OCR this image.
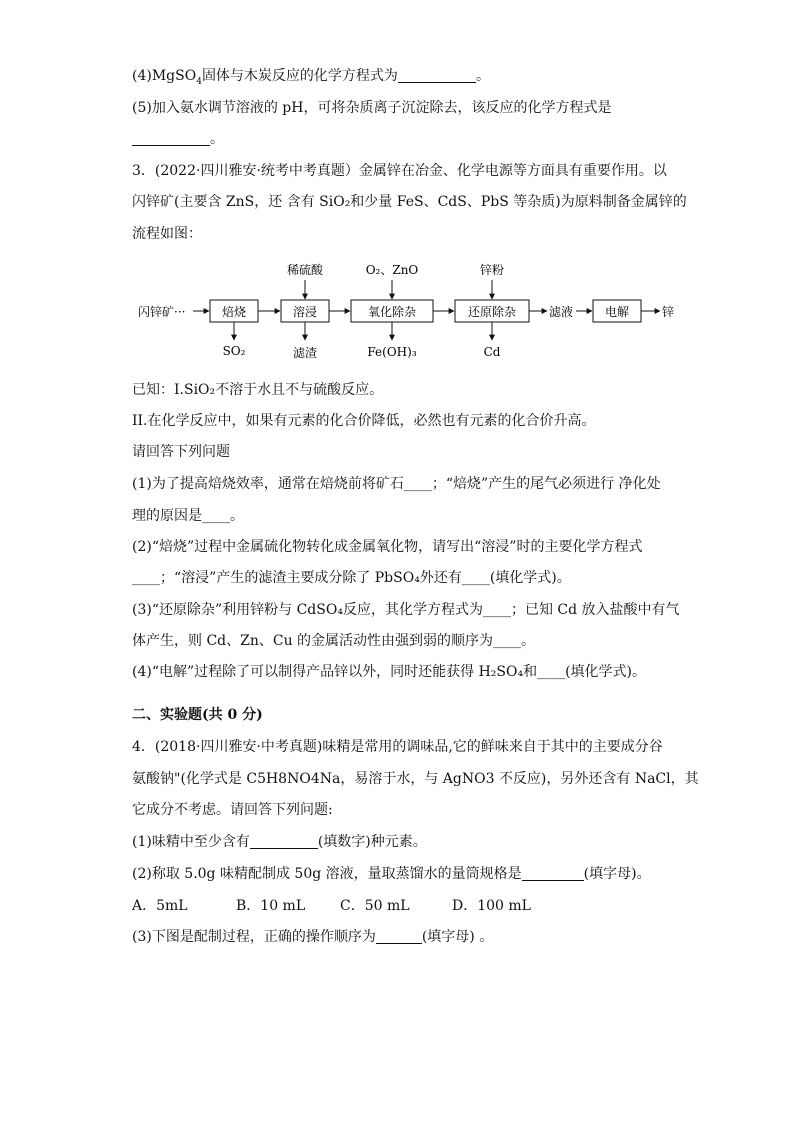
(4)MgSO$_4$固体与木炭反应的化学方程式为	。
(5)加入氨水调节溶液的 pH，可将杂质离子沉淀除去，该反应的化学方程式是
。
3．(2022·四川雅安·统考中考真题）金属锌在冶金、化学电源等方面具有重要作用。以
闪锌矿(主要含 ZnS，还 含有 SiO₂和少量 FeS、CdS、PbS 等杂质)为原料制备金属锌的
流程如图：
闪锌矿···	焙烧
SO₂
溶浸
稀硫酸
滤渣
氧化除杂
O₂、ZnO
Fe(OH)₃
还原除杂
锌粉
Cd
滤液	电解	锌
已知：I.SiO₂不溶于水且不与硫酸反应。
II.在化学反应中，如果有元素的化合价降低，必然也有元素的化合价升高。
请回答下列问题
(1)为了提高焙烧效率，通常在焙烧前将矿石____；“焙烧”产生的尾气必须进行 净化处
理的原因是____。
(2)“焙烧”过程中金属硫化物转化成金属氧化物，请写出“溶浸”时的主要化学方程式
____；“溶浸”产生的滤渣主要成分除了 PbSO₄外还有____(填化学式)。
(3)“还原除杂”利用锌粉与 CdSO₄反应，其化学方程式为____；已知 Cd 放入盐酸中有气
体产生，则 Cd、Zn、Cu 的金属活动性由强到弱的顺序为____。
(4)“电解”过程除了可以制得产品锌以外，同时还能获得 H₂SO₄和____(填化学式)。
二、实验题(共 0 分)
4．(2018·四川雅安·中考真题)味精是常用的调味品,它的鲜味来自于其中的主要成分谷
氨酸钠"(化学式是 C5H8NO4Na，易溶于水，与 AgNO3 不反应)，另外还含有 NaCl，其
它成分不考虑。请回答下列问题:
(1)味精中至少含有	(填数字)种元素。
(2)称取 5.0g 味精配制成 50g 溶液，量取蒸馏水的量筒规格是	(填字母)。
A．5mL	B．10 mL C．50 mL	D．100 mL
(3)下图是配制过程，正确的操作顺序为	(填字母) 。
